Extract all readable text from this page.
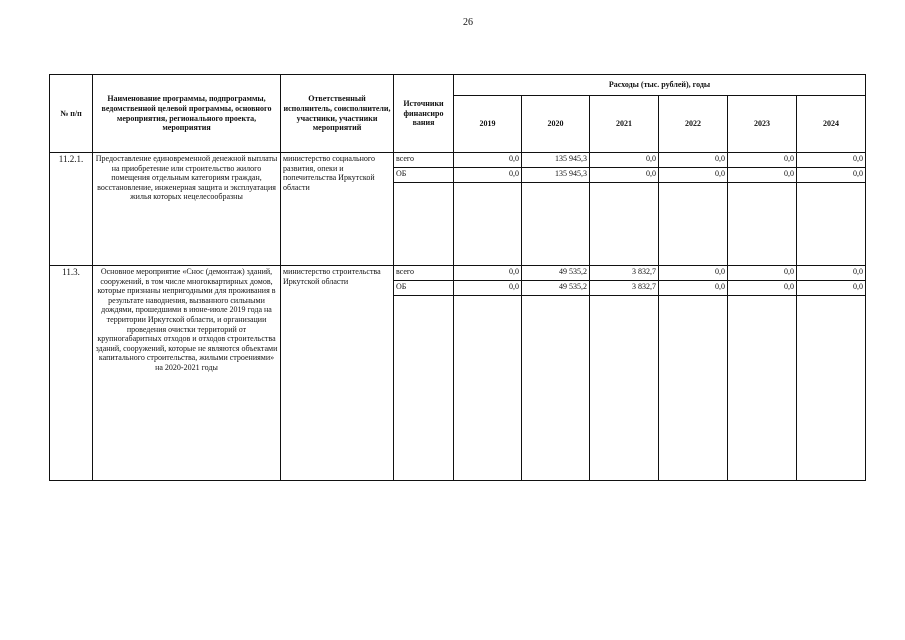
26
№ п/п	Наименование программы, подпрограммы, ведомственной целевой программы, основного мероприятия, регионального проекта, мероприятия	Ответственный исполнитель, соисполнители, участники, участники мероприятий	Источники финансиро вания	Расходы (тыс. рублей), годы					
				2019	2020	2021	2022	2023	2024
11.2.1.	Предоставление единовременной денежной выплаты на приобретение или строительство жилого помещения отдельным категориям граждан, восстановление, инженерная защита и эксплуатация жилья которых нецелесообразны	министерство социального развития, опеки и попечительства Иркутской области	всего	0,0	135 945,3	0,0	0,0	0,0	0,0
			ОБ	0,0	135 945,3	0,0	0,0	0,0	0,0

11.3.	Основное мероприятие «Снос (демонтаж) зданий, сооружений, в том числе многоквартирных домов, которые признаны непригодными для проживания в результате наводнения, вызванного сильными дождями, прошедшими в июне-июле 2019 года на территории Иркутской области, и организации проведения очистки территорий от крупногабаритных отходов и отходов строительства зданий, сооружений, которые не являются объектами капитального строительства, жилыми строениями» на 2020-2021 годы	министерство строительства Иркутской области	всего	0,0	49 535,2	3 832,7	0,0	0,0	0,0
			ОБ	0,0	49 535,2	3 832,7	0,0	0,0	0,0
